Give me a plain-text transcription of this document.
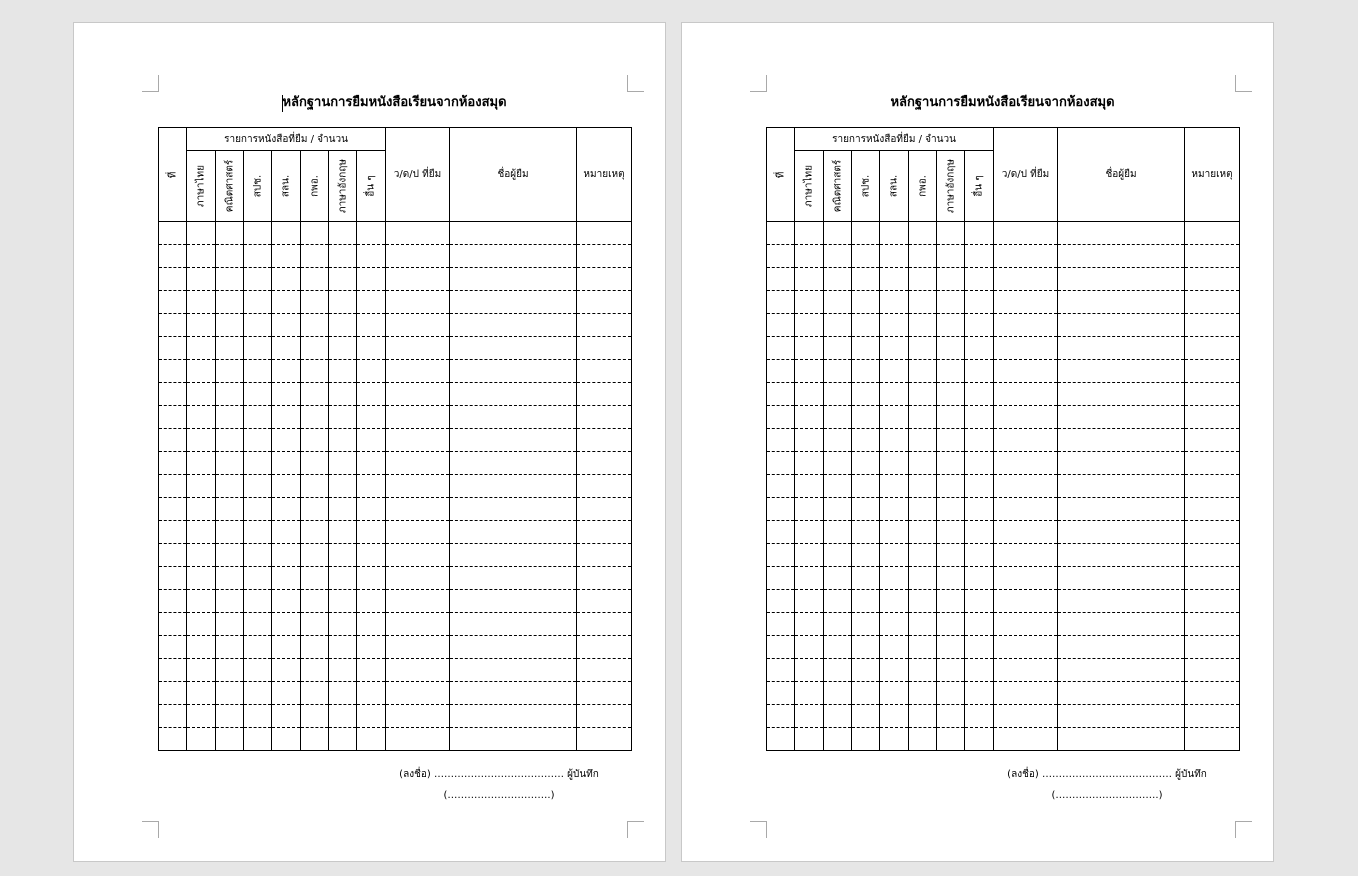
หลักฐานการยืมหนังสือเรียนจากห้องสมุด
ที่	รายการหนังสือที่ยืม / จำนวน							ว/ด/ป ที่ยืม	ชื่อผู้ยืม	หมายเหตุ

	ภาษาไทย	คณิตศาสตร์	สปช.	สลน.	กพอ.	ภาษาอังกฤษ	อื่น ๆ			

(ลงชื่อ) ………………………………… ผู้บันทึก
(………………………….)
หลักฐานการยืมหนังสือเรียนจากห้องสมุด
ที่	รายการหนังสือที่ยืม / จำนวน							ว/ด/ป ที่ยืม	ชื่อผู้ยืม	หมายเหตุ

	ภาษาไทย	คณิตศาสตร์	สปช.	สลน.	กพอ.	ภาษาอังกฤษ	อื่น ๆ			

(ลงชื่อ) ………………………………… ผู้บันทึก
(………………………….)
